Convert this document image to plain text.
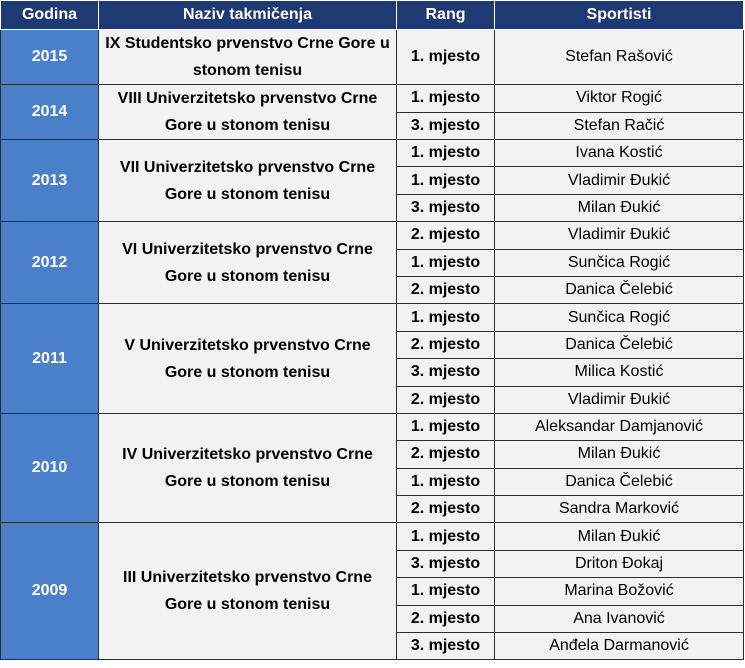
Godina	Naziv takmičenja	Rang	Sportisti
2015	IX Studentsko prvenstvo Crne Gore u stonom tenisu	1. mjesto	Stefan Rašović
2014	VIII Univerzitetsko prvenstvo Crne Gore u stonom tenisu	1. mjesto	Viktor Rogić
		3. mjesto	Stefan Račić
2013	VII Univerzitetsko prvenstvo Crne Gore u stonom tenisu	1. mjesto	Ivana Kostić
		1. mjesto	Vladimir Đukić
		3. mjesto	Milan Đukić
2012	VI Univerzitetsko prvenstvo Crne Gore u stonom tenisu	2. mjesto	Vladimir Đukić
		1. mjesto	Sunčica Rogić
		2. mjesto	Danica Čelebić
2011	V Univerzitetsko prvenstvo Crne Gore u stonom tenisu	1. mjesto	Sunčica Rogić
		2. mjesto	Danica Čelebić
		3. mjesto	Milica Kostić
		2. mjesto	Vladimir Đukić
2010	IV Univerzitetsko prvenstvo Crne Gore u stonom tenisu	1. mjesto	Aleksandar Damjanović
		2. mjesto	Milan Đukić
		1. mjesto	Danica Čelebić
		2. mjesto	Sandra Marković
2009	III Univerzitetsko prvenstvo Crne Gore u stonom tenisu	1. mjesto	Milan Đukić
		3. mjesto	Driton Đokaj
		1. mjesto	Marina Božović
		2. mjesto	Ana Ivanović
		3. mjesto	Anđela Darmanović
